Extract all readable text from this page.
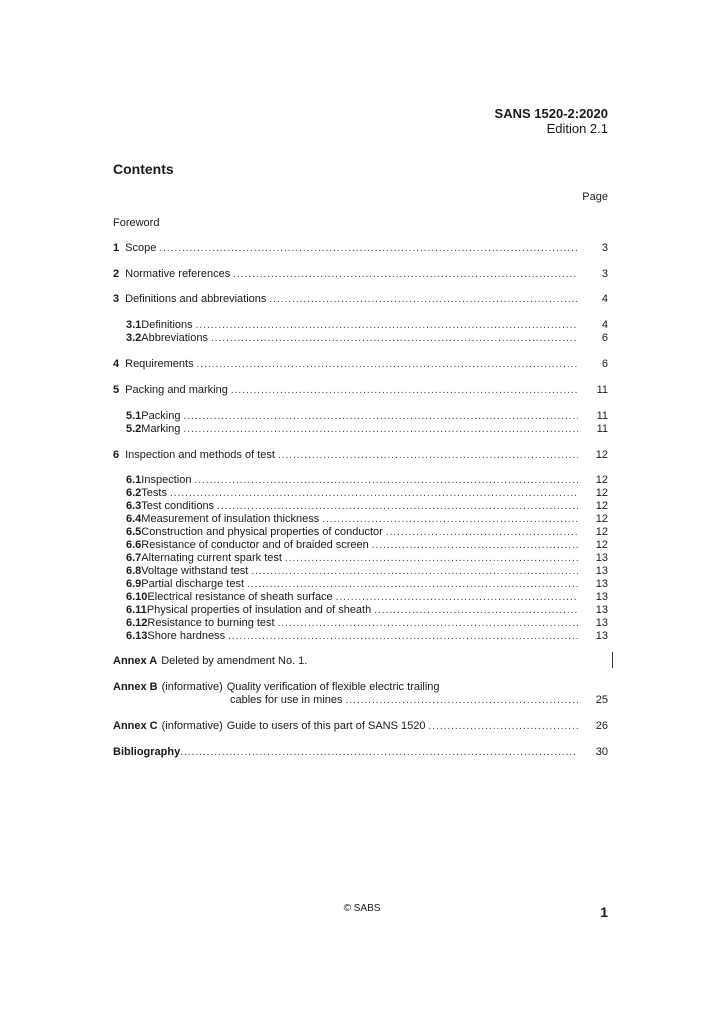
SANS 1520-2:2020
Edition 2.1
Contents
Page
Foreword
1 Scope .....	3
2 Normative references .....	3
3 Definitions and abbreviations .....	4
3.1 Definitions .....	4
3.2 Abbreviations .....	6
4 Requirements .....	6
5 Packing and marking .....	11
5.1 Packing .....	11
5.2 Marking .....	11
6 Inspection and methods of test .....	12
6.1 Inspection .....	12
6.2 Tests .....	12
6.3 Test conditions .....	12
6.4 Measurement of insulation thickness .....	12
6.5 Construction and physical properties of conductor .....	12
6.6 Resistance of conductor and of braided screen .....	12
6.7 Alternating current spark test .....	13
6.8 Voltage withstand test .....	13
6.9 Partial discharge test .....	13
6.10 Electrical resistance of sheath surface .....	13
6.11 Physical properties of insulation and of sheath .....	13
6.12 Resistance to burning test .....	13
6.13 Shore hardness .....	13
Annex A Deleted by amendment No. 1.
Annex B (informative) Quality verification of flexible electric trailing
cables for use in mines .....	25
Annex C (informative) Guide to users of this part of SANS 1520 .....	26
Bibliography .....	30
© SABS	1
